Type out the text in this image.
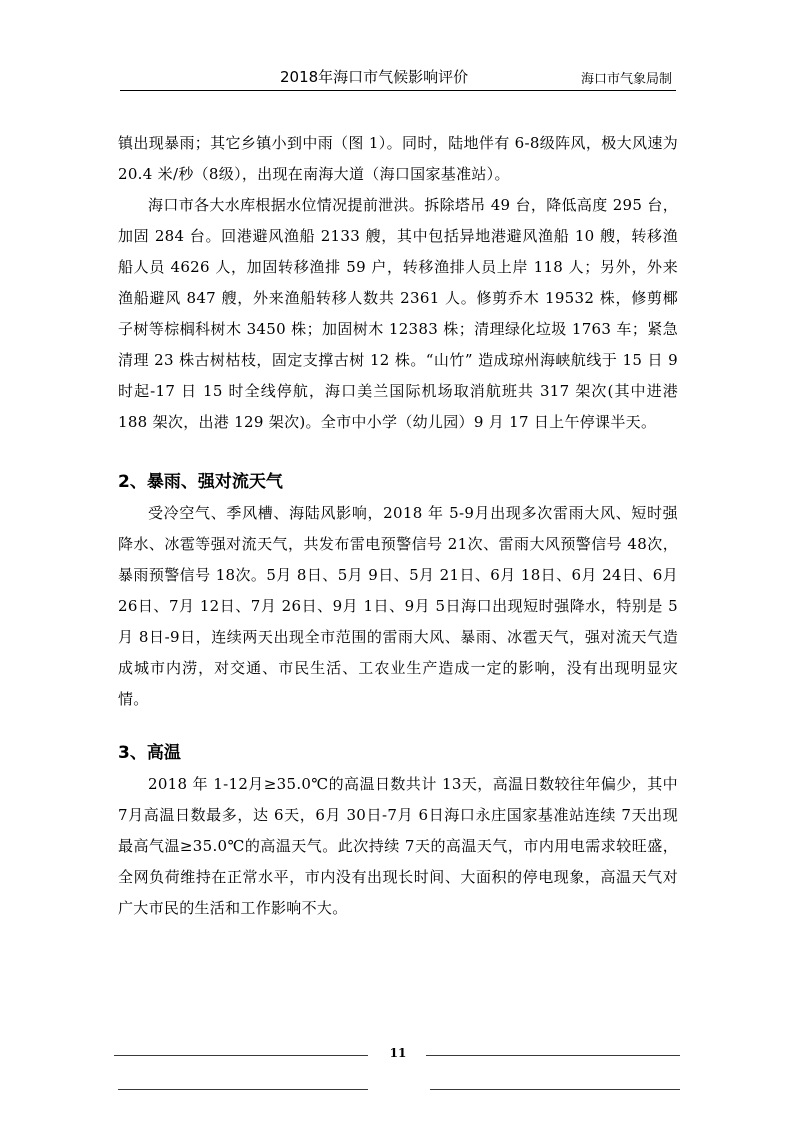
2018年海口市气候影响评价	海口市气象局制

镇出现暴雨；其它乡镇小到中雨（图 1）。同时，陆地伴有 6-8级阵风，极大风速为 20.4 米/秒（8级），出现在南海大道（海口国家基准站）。

海口市各大水库根据水位情况提前泄洪。拆除塔吊 49 台，降低高度 295 台，加固 284 台。回港避风渔船 2133 艘，其中包括异地港避风渔船 10 艘，转移渔船人员 4626 人，加固转移渔排 59 户，转移渔排人员上岸 118 人；另外，外来渔船避风 847 艘，外来渔船转移人数共 2361 人。修剪乔木 19532 株，修剪椰子树等棕榈科树木 3450 株；加固树木 12383 株；清理绿化垃圾 1763 车；紧急清理 23 株古树枯枝，固定支撑古树 12 株。“山竹” 造成琼州海峡航线于 15 日 9 时起-17 日 15 时全线停航，海口美兰国际机场取消航班共 317 架次(其中进港 188 架次，出港 129 架次)。全市中小学（幼儿园）9 月 17 日上午停课半天。

2、暴雨、强对流天气

受冷空气、季风槽、海陆风影响，2018 年 5-9月出现多次雷雨大风、短时强降水、冰雹等强对流天气，共发布雷电预警信号 21次、雷雨大风预警信号 48次，暴雨预警信号 18次。5月 8日、5月 9日、5月 21日、6月 18日、6月 24日、6月 26日、7月 12日、7月 26日、9月 1日、9月 5日海口出现短时强降水，特别是 5月 8日-9日，连续两天出现全市范围的雷雨大风、暴雨、冰雹天气，强对流天气造成城市内涝，对交通、市民生活、工农业生产造成一定的影响，没有出现明显灾情。

3、高温

2018 年 1-12月≥35.0℃的高温日数共计 13天，高温日数较往年偏少，其中 7月高温日数最多，达 6天，6月 30日-7月 6日海口永庄国家基准站连续 7天出现最高气温≥35.0℃的高温天气。此次持续 7天的高温天气，市内用电需求较旺盛，全网负荷维持在正常水平，市内没有出现长时间、大面积的停电现象，高温天气对广大市民的生活和工作影响不大。

11
